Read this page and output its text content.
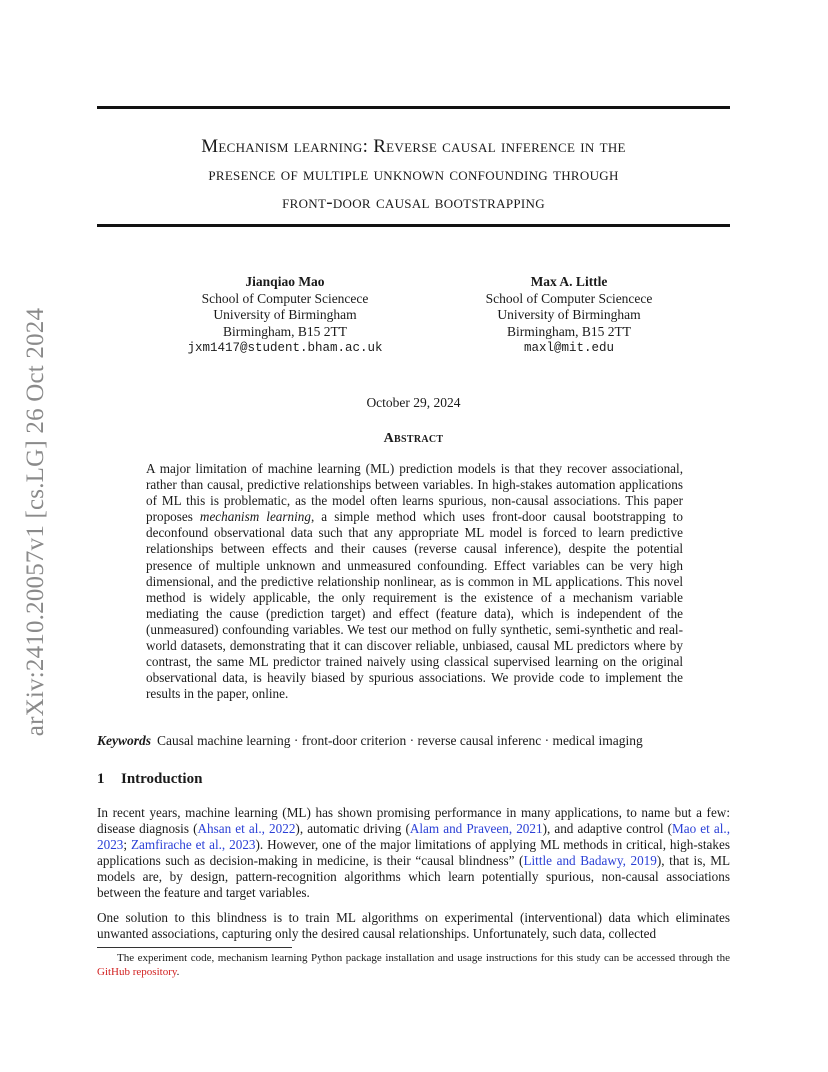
arXiv:2410.20057v1 [cs.LG] 26 Oct 2024
Mechanism learning: Reverse causal inference in the
presence of multiple unknown confounding through
front-door causal bootstrapping
Jianqiao Mao
School of Computer Sciencece
University of Birmingham
Birmingham, B15 2TT
jxm1417@student.bham.ac.uk
Max A. Little
School of Computer Sciencece
University of Birmingham
Birmingham, B15 2TT
maxl@mit.edu
October 29, 2024
Abstract

A major limitation of machine learning (ML) prediction models is that they recover associational, rather than causal, predictive relationships between variables. In high-stakes automation applications of ML this is problematic, as the model often learns spurious, non-causal associations. This paper proposes mechanism learning, a simple method which uses front-door causal bootstrapping to deconfound observational data such that any appropriate ML model is forced to learn predictive relationships between effects and their causes (reverse causal inference), despite the potential presence of multiple unknown and unmeasured confounding. Effect variables can be very high dimensional, and the predictive relationship nonlinear, as is common in ML applications. This novel method is widely applicable, the only requirement is the existence of a mechanism variable mediating the cause (prediction target) and effect (feature data), which is independent of the (unmeasured) confounding variables. We test our method on fully synthetic, semi-synthetic and real-world datasets, demonstrating that it can discover reliable, unbiased, causal ML predictors where by contrast, the same ML predictor trained naively using classical supervised learning on the original observational data, is heavily biased by spurious associations. We provide code to implement the results in the paper, online.

Keywords Causal machine learning · front-door criterion · reverse causal inferenc · medical imaging
1 Introduction

In recent years, machine learning (ML) has shown promising performance in many applications, to name but a few: disease diagnosis (Ahsan et al., 2022), automatic driving (Alam and Praveen, 2021), and adaptive control (Mao et al., 2023; Zamfirache et al., 2023). However, one of the major limitations of applying ML methods in critical, high-stakes applications such as decision-making in medicine, is their “causal blindness” (Little and Badawy, 2019), that is, ML models are, by design, pattern-recognition algorithms which learn potentially spurious, non-causal associations between the feature and target variables.

One solution to this blindness is to train ML algorithms on experimental (interventional) data which eliminates unwanted associations, capturing only the desired causal relationships. Unfortunately, such data, collected

The experiment code, mechanism learning Python package installation and usage instructions for this study can be accessed through the GitHub repository.
